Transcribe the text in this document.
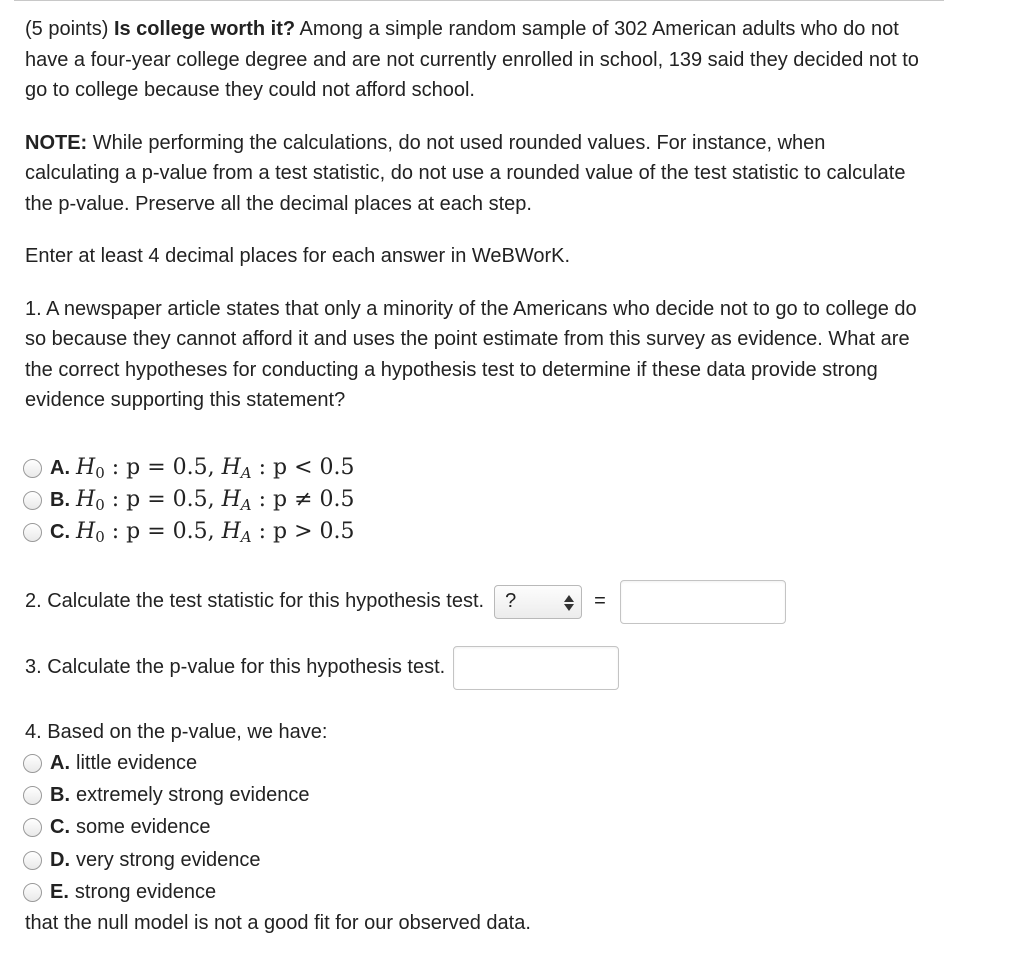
(5 points) Is college worth it? Among a simple random sample of 302 American adults who do not have a four-year college degree and are not currently enrolled in school, 139 said they decided not to go to college because they could not afford school.

NOTE: While performing the calculations, do not used rounded values. For instance, when calculating a p-value from a test statistic, do not use a rounded value of the test statistic to calculate the p-value. Preserve all the decimal places at each step.

Enter at least 4 decimal places for each answer in WeBWorK.

1. A newspaper article states that only a minority of the Americans who decide not to go to college do so because they cannot afford it and uses the point estimate from this survey as evidence. What are the correct hypotheses for conducting a hypothesis test to determine if these data provide strong evidence supporting this statement?

A. $H_0$ : p = 0.5, $H_A$ : p < 0.5
B. $H_0$ : p = 0.5, $H_A$ : p ≠ 0.5
C. $H_0$ : p = 0.5, $H_A$ : p > 0.5
2. Calculate the test statistic for this hypothesis test. ?	=
3. Calculate the p-value for this hypothesis test.

4. Based on the p-value, we have:

A. little evidence
B. extremely strong evidence
C. some evidence
D. very strong evidence
E. strong evidence

that the null model is not a good fit for our observed data.
